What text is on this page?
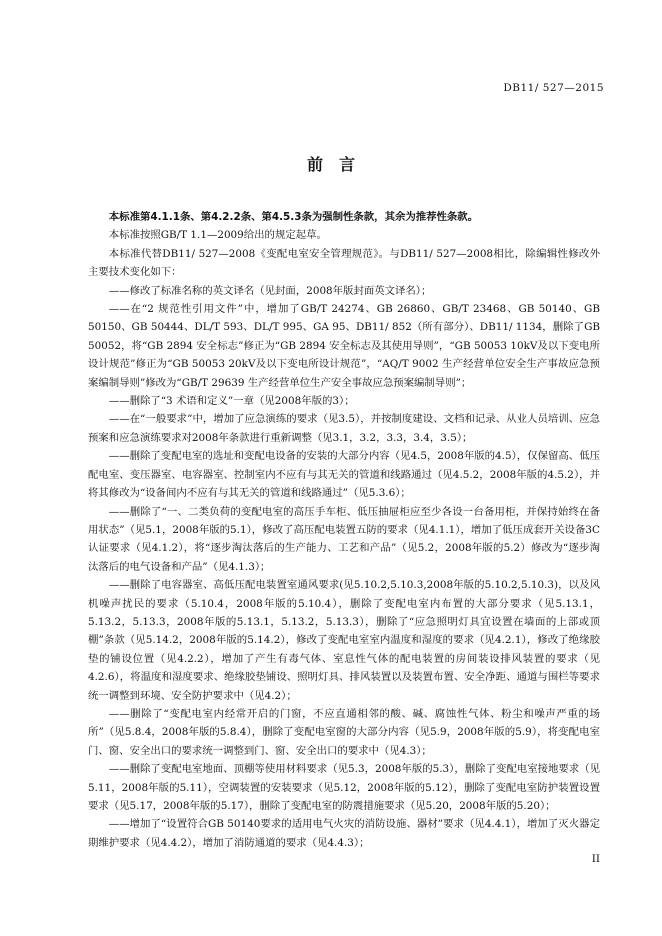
DB11/ 527—2015
前　言

本标准第4.1.1条、第4.2.2条、第4.5.3条为强制性条款，其余为推荐性条款。

本标准按照GB/T 1.1—2009给出的规定起草。

本标准代替DB11/ 527—2008《变配电室安全管理规范》。与DB11/ 527—2008相比，除编辑性修改外主要技术变化如下：

——修改了标准名称的英文译名（见封面，2008年版封面英文译名）；

——在“2 规范性引用文件”中，增加了GB/T 24274、GB 26860、GB/T 23468、GB 50140、GB 50150、GB 50444、DL/T 593、DL/T 995、GA 95、DB11/ 852（所有部分）、DB11/ 1134，删除了GB 50052，将“GB 2894 安全标志”修正为“GB 2894 安全标志及其使用导则”，“GB 50053 10kV及以下变电所设计规范”修正为“GB 50053 20kV及以下变电所设计规范”，“AQ/T 9002 生产经营单位安全生产事故应急预案编制导则”修改为“GB/T 29639 生产经营单位生产安全事故应急预案编制导则”；

——删除了“3 术语和定义”一章（见2008年版的3）；

——在“一般要求”中，增加了应急演练的要求（见3.5），并按制度建设、文档和记录、从业人员培训、应急预案和应急演练要求对2008年条款进行重新调整（见3.1，3.2，3.3，3.4，3.5）；

——删除了变配电室的选址和变配电设备的安装的大部分内容（见4.5，2008年版的4.5），仅保留高、低压配电室、变压器室、电容器室、控制室内不应有与其无关的管道和线路通过（见4.5.2，2008年版的4.5.2），并将其修改为“设备间内不应有与其无关的管道和线路通过”（见5.3.6）；

——删除了“一、二类负荷的变配电室的高压手车柜、低压抽屉柜应至少各设一台备用柜，并保持始终在备用状态”（见5.1，2008年版的5.1），修改了高压配电装置五防的要求（见4.1.1），增加了低压成套开关设备3C认证要求（见4.1.2），将“逐步淘汰落后的生产能力、工艺和产品”（见5.2，2008年版的5.2）修改为“逐步淘汰落后的电气设备和产品”（见4.1.3）；

——删除了电容器室、高低压配电装置室通风要求(见5.10.2,5.10.3,2008年版的5.10.2,5.10.3)，以及风机噪声扰民的要求（5.10.4，2008年版的5.10.4），删除了变配电室内布置的大部分要求（见5.13.1，5.13.2，5.13.3，2008年版的5.13.1，5.13.2，5.13.3），删除了“应急照明灯具宜设置在墙面的上部或顶棚”条款（见5.14.2，2008年版的5.14.2），修改了变配电室室内温度和湿度的要求（见4.2.1），修改了绝缘胶垫的铺设位置（见4.2.2），增加了产生有毒气体、室息性气体的配电装置的房间装设排风装置的要求（见4.2.6），将温度和湿度要求、绝缘胶垫铺设、照明灯具、排风装置以及装置布置、安全净距、通道与围栏等要求统一调整到环境、安全防护要求中（见4.2）；

——删除了“变配电室内经常开启的门窗，不应直通相邻的酸、碱、腐蚀性气体、粉尘和噪声严重的场所”（见5.8.4，2008年版的5.8.4），删除了变配电室窗的大部分内容（见5.9，2008年版的5.9），将变配电室门、窗、安全出口的要求统一调整到门、窗、安全出口的要求中（见4.3）；

——删除了变配电室地面、顶棚等使用材料要求（见5.3，2008年版的5.3），删除了变配电室接地要求（见5.11，2008年版的5.11），空调装置的安装要求（见5.12，2008年版的5.12），删除了变配电室防护装置设置要求（见5.17，2008年版的5.17），删除了变配电室的防震措施要求（见5.20，2008年版的5.20）；

——增加了“设置符合GB 50140要求的适用电气火灾的消防设施、器材”要求（见4.4.1），增加了灭火器定期维护要求（见4.4.2），增加了消防通道的要求（见4.4.3）；

II
